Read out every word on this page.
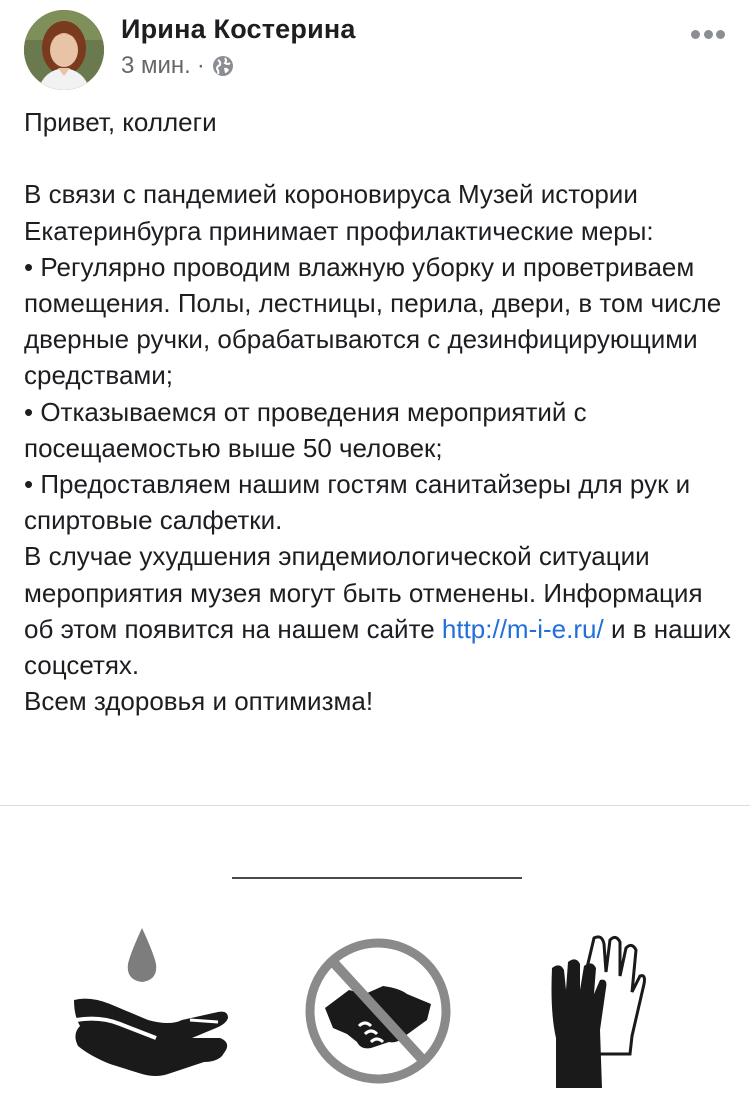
Ирина Костерина
3 мин. ·

Привет, коллеги

В связи с пандемией короновируса Музей истории Екатеринбурга принимает профилактические меры:

• Регулярно проводим влажную уборку и проветриваем помещения. Полы, лестницы, перила, двери, в том числе дверные ручки, обрабатываются с дезинфицирующими средствами;

• Отказываемся от проведения мероприятий с посещаемостью выше 50 человек;

• Предоставляем нашим гостям санитайзеры для рук и спиртовые салфетки.

В случае ухудшения эпидемиологической ситуации мероприятия музея могут быть отменены. Информация об этом появится на нашем сайте http://m-i-e.ru/ и в наших соцсетях.

Всем здоровья и оптимизма!
